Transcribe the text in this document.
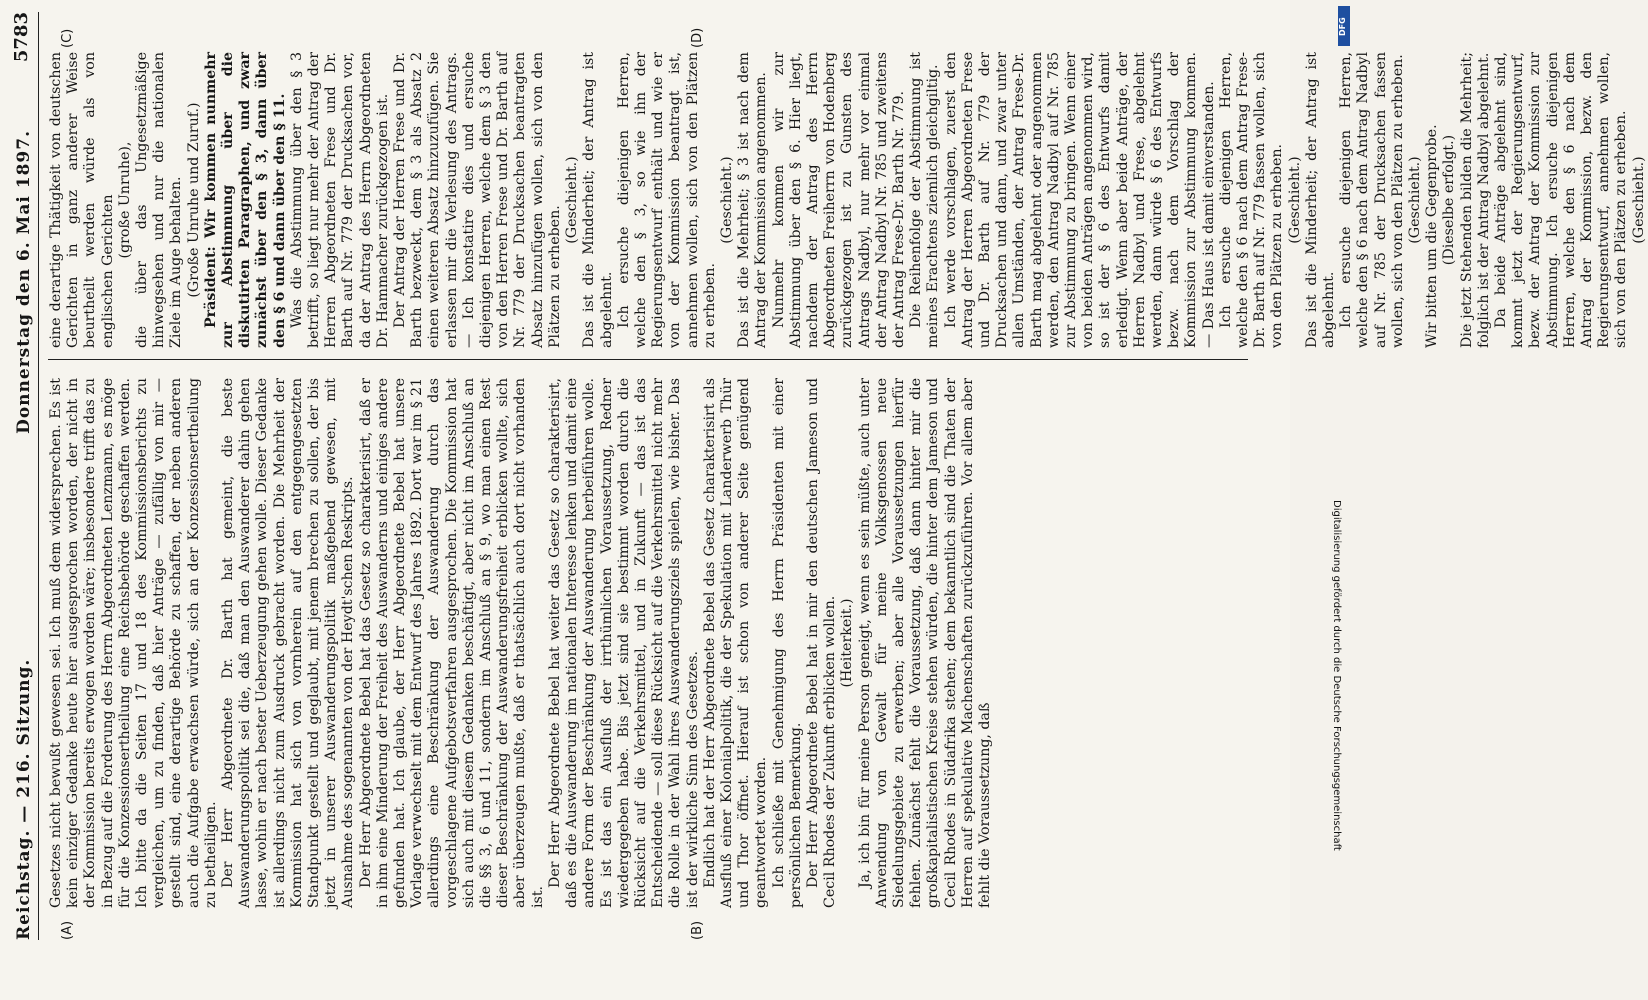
Reichstag. — 216. Sitzung.
Donnerstag den 6. Mai 1897.
5783
(A)	(B)
(C)	(D)

Gesetzes nicht bewußt gewesen sei. Ich muß dem widersprechen. Es ist kein einziger Gedanke heute hier ausgesprochen worden, der nicht in der Kommission bereits erwogen worden wäre; insbesondere trifft das zu in Bezug auf die Forderung des Herrn Abgeordneten Lenzmann, es möge für die Konzessionsertheilung eine Reichsbehörde geschaffen werden. Ich bitte da die Seiten 17 und 18 des Kommissionsberichts zu vergleichen, um zu finden, daß hier Anträge — zufällig von mir — gestellt sind, eine derartige Behörde zu schaffen, der neben anderen auch die Aufgabe erwachsen würde, sich an der Konzessionsertheilung zu betheiligen. Der Herr Abgeordnete Dr. Barth hat gemeint, die beste Auswanderungspolitik sei die, daß man den Auswanderer dahin gehen lasse, wohin er nach bester Ueberzeugung gehen wolle. Dieser Gedanke ist allerdings nicht zum Ausdruck gebracht worden. Die Mehrheit der Kommission hat sich von vornherein auf den entgegengesetzten Standpunkt gestellt und geglaubt, mit jenem brechen zu sollen, der bis jetzt in unserer Auswanderungspolitik maßgebend gewesen, mit Ausnahme des sogenannten von der Heydt'schen Reskripts. Der Herr Abgeordnete Bebel hat das Gesetz so charakterisirt, daß er in ihm eine Minderung der Freiheit des Auswanderns und einiges andere gefunden hat. Ich glaube, der Herr Abgeordnete Bebel hat unsere Vorlage verwechselt mit dem Entwurf des Jahres 1892. Dort war im § 21 allerdings eine Beschränkung der Auswanderung durch das vorgeschlagene Aufgebotsverfahren ausgesprochen. Die Kommission hat sich auch mit diesem Gedanken beschäftigt, aber nicht im Anschluß an die §§ 3, 6 und 11, sondern im Anschluß an § 9, wo man einen Rest dieser Beschränkung der Auswanderungsfreiheit erblicken wollte, sich aber überzeugen mußte, daß er thatsächlich auch dort nicht vorhanden ist.

Der Herr Abgeordnete Bebel hat weiter das Gesetz so charakterisirt, daß es die Auswanderung im nationalen Interesse lenken und damit eine andere Form der Beschränkung der Auswanderung herbeiführen wolle. Es ist das ein Ausfluß der irrthümlichen Voraussetzung, Redner wiedergegeben habe. Bis jetzt sind sie bestimmt worden durch die Rücksicht auf die Verkehrsmittel, und in Zukunft — das ist das Entscheidende — soll diese Rücksicht auf die Verkehrsmittel nicht mehr die Rolle in der Wahl ihres Auswanderungsziels spielen, wie bisher. Das ist der wirkliche Sinn des Gesetzes. Endlich hat der Herr Abgeordnete Bebel das Gesetz charakterisirt als Ausfluß einer Kolonialpolitik, die der Spekulation mit Landerwerb Thür und Thor öffnet. Hierauf ist schon von anderer Seite genügend geantwortet worden. Ich schließe mit Genehmigung des Herrn Präsidenten mit einer persönlichen Bemerkung. Der Herr Abgeordnete Bebel hat in mir den deutschen Jameson und Cecil Rhodes der Zukunft erblicken wollen. (Heiterkeit.) Ja, ich bin für meine Person geneigt, wenn es sein müßte, auch unter Anwendung von Gewalt für meine Volksgenossen neue Siedelungsgebiete zu erwerben; aber alle Voraussetzungen hierfür fehlen. Zunächst fehlt die Voraussetzung, daß dann hinter mir die großkapitalistischen Kreise stehen würden, die hinter dem Jameson und Cecil Rhodes in Südafrika stehen; dem bekanntlich sind die Thaten der Herren auf spekulative Machenschaften zurückzuführen. Vor allem aber fehlt die Voraussetzung, daß

eine derartige Thätigkeit von deutschen Gerichten in ganz anderer Weise beurtheilt werden würde als von englischen Gerichten (große Unruhe), die über das Ungesetzmäßige hinwegsehen und nur die nationalen Ziele im Auge behalten. (Große Unruhe und Zuruf.) Präsident: Wir kommen nunmehr zur Abstimmung über die diskutirten Paragraphen, und zwar zunächst über den § 3, dann über den § 6 und dann über den § 11. Was die Abstimmung über den § 3 betrifft, so liegt nur mehr der Antrag der Herren Abgeordneten Frese und Dr. Barth auf Nr. 779 der Drucksachen vor, da der Antrag des Herrn Abgeordneten Dr. Hammacher zurückgezogen ist. Der Antrag der Herren Frese und Dr. Barth bezweckt, dem § 3 als Absatz 2 einen weiteren Absatz hinzuzufügen. Sie erlassen mir die Verlesung des Antrags. — Ich konstatire dies und ersuche diejenigen Herren, welche dem § 3 den von den Herren Frese und Dr. Barth auf Nr. 779 der Drucksachen beantragten Absatz hinzufügen wollen, sich von den Plätzen zu erheben.

(Geschieht.) Das ist die Minderheit; der Antrag ist abgelehnt. Ich ersuche diejenigen Herren, welche den § 3, so wie ihn der Regierungsentwurf enthält und wie er von der Kommission beantragt ist, annehmen wollen, sich von den Plätzen zu erheben.

(Geschieht.) Das ist die Mehrheit; § 3 ist nach dem Antrag der Kommission angenommen. Nunmehr kommen wir zur Abstimmung über den § 6. Hier liegt, nachdem der Antrag des Herrn Abgeordneten Freiherrn von Hodenberg zurückgezogen ist zu Gunsten des Antrags Nadbyl, nur mehr vor einmal der Antrag Nadbyl Nr. 785 und zweitens der Antrag Frese-Dr. Barth Nr. 779. Die Reihenfolge der Abstimmung ist meines Erachtens ziemlich gleichgiltig. Ich werde vorschlagen, zuerst den Antrag der Herren Abgeordneten Frese und Dr. Barth auf Nr. 779 der Drucksachen und dann, und zwar unter allen Umständen, der Antrag Frese-Dr. Barth mag abgelehnt oder angenommen werden, den Antrag Nadbyl auf Nr. 785 zur Abstimmung zu bringen. Wenn einer von beiden Anträgen angenommen wird, so ist der § 6 des Entwurfs damit erledigt. Wenn aber beide Anträge, der Herren Nadbyl und Frese, abgelehnt werden, dann würde § 6 des Entwurfs bezw. nach dem Vorschlag der Kommission zur Abstimmung kommen. — Das Haus ist damit einverstanden. Ich ersuche diejenigen Herren, welche den § 6 nach dem Antrag Frese-Dr. Barth auf Nr. 779 fassen wollen, sich von den Plätzen zu erheben. (Geschieht.) Das ist die Minderheit; der Antrag ist abgelehnt. Ich ersuche diejenigen Herren, welche den § 6 nach dem Antrag Nadbyl auf Nr. 785 der Drucksachen fassen wollen, sich von den Plätzen zu erheben. (Geschieht.) Wir bitten um die Gegenprobe. (Dieselbe erfolgt.) Die jetzt Stehenden bilden die Mehrheit; folglich ist der Antrag Nadbyl abgelehnt. Da beide Anträge abgelehnt sind, kommt jetzt der Regierungsentwurf, bezw. der Antrag der Kommission zur Abstimmung. Ich ersuche diejenigen Herren, welche den § 6 nach dem Antrag der Kommission, bezw. den Regierungsentwurf, annehmen wollen, sich von den Plätzen zu erheben. (Geschieht.)

DFG
Digitalisierung gefördert durch die Deutsche Forschungsgemeinschaft
